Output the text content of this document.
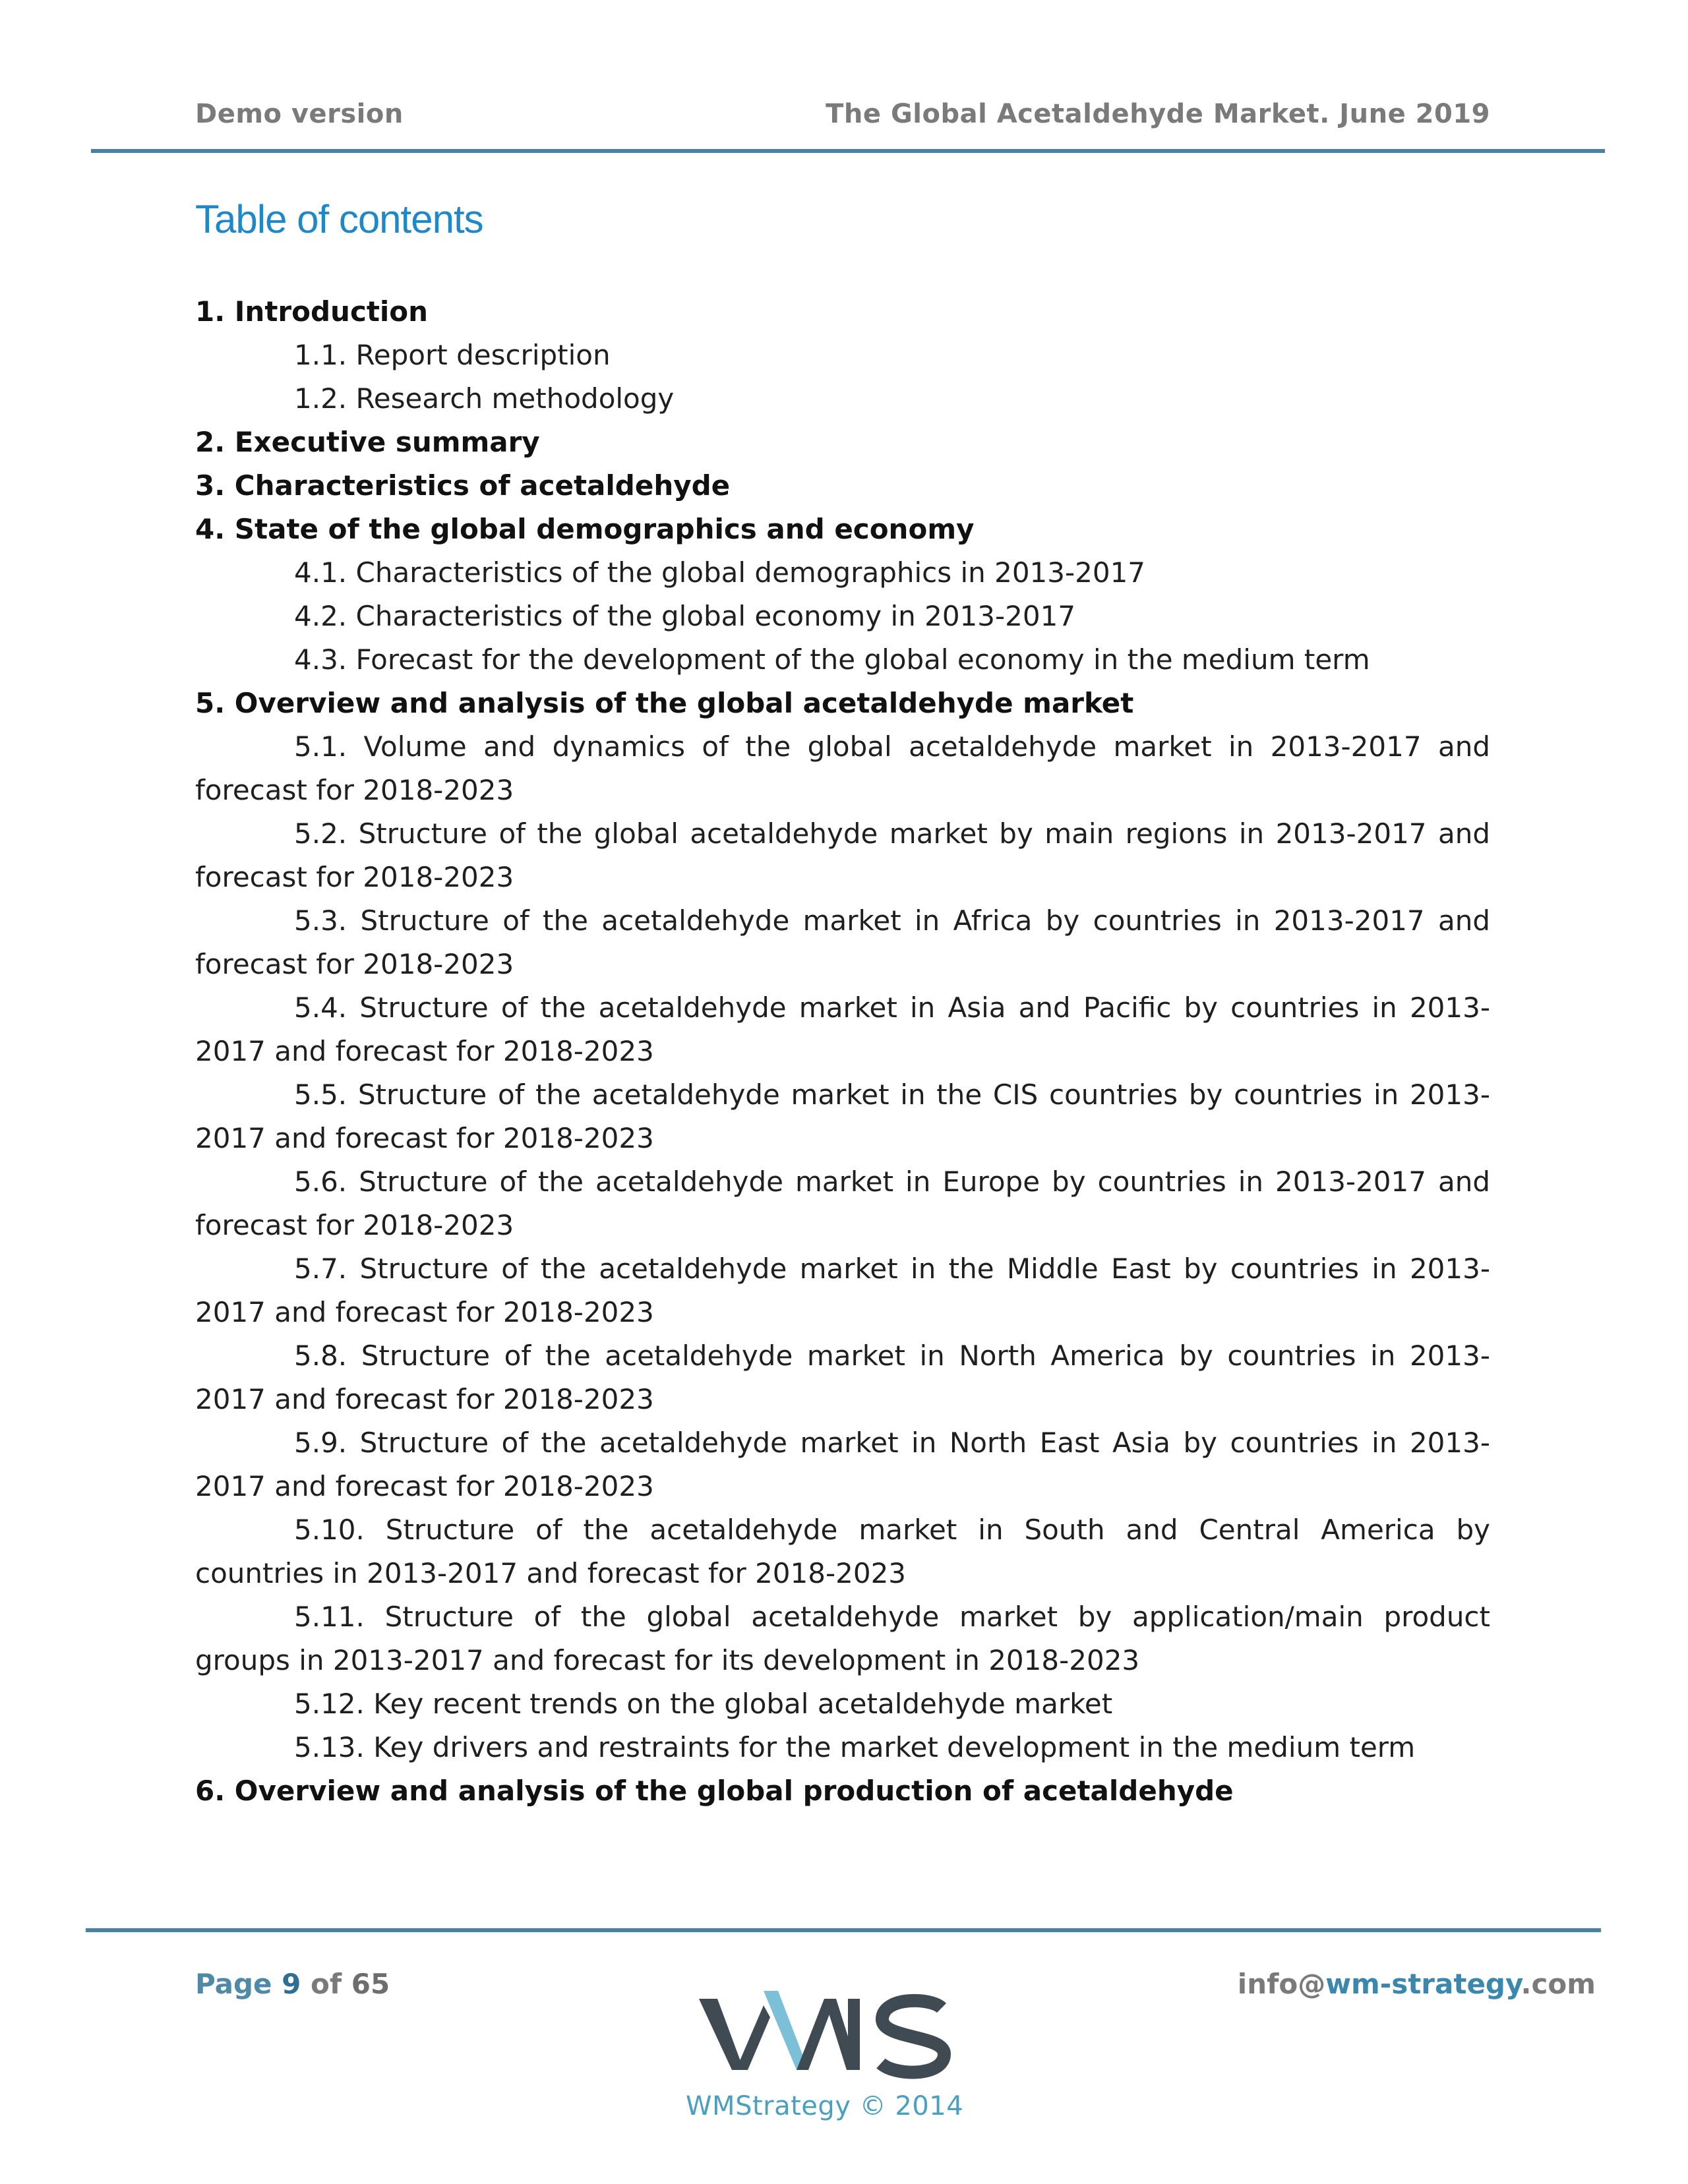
Demo version	The Global Acetaldehyde Market. June 2019
Table of contents

1. Introduction

1.1. Report description

1.2. Research methodology

2. Executive summary

3. Characteristics of acetaldehyde

4. State of the global demographics and economy

4.1. Characteristics of the global demographics in 2013-2017

4.2. Characteristics of the global economy in 2013-2017

4.3. Forecast for the development of the global economy in the medium term

5. Overview and analysis of the global acetaldehyde market

5.1. Volume and dynamics of the global acetaldehyde market in 2013-2017 and forecast for 2018-2023

5.2. Structure of the global acetaldehyde market by main regions in 2013-2017 and forecast for 2018-2023

5.3. Structure of the acetaldehyde market in Africa by countries in 2013-2017 and forecast for 2018-2023

5.4. Structure of the acetaldehyde market in Asia and Pacific by countries in 2013-2017 and forecast for 2018-2023

5.5. Structure of the acetaldehyde market in the CIS countries by countries in 2013-2017 and forecast for 2018-2023

5.6. Structure of the acetaldehyde market in Europe by countries in 2013-2017 and forecast for 2018-2023

5.7. Structure of the acetaldehyde market in the Middle East by countries in 2013-2017 and forecast for 2018-2023

5.8. Structure of the acetaldehyde market in North America by countries in 2013-2017 and forecast for 2018-2023

5.9. Structure of the acetaldehyde market in North East Asia by countries in 2013-2017 and forecast for 2018-2023

5.10. Structure of the acetaldehyde market in South and Central America by countries in 2013-2017 and forecast for 2018-2023

5.11. Structure of the global acetaldehyde market by application/main product groups in 2013-2017 and forecast for its development in 2018-2023

5.12. Key recent trends on the global acetaldehyde market

5.13. Key drivers and restraints for the market development in the medium term

6. Overview and analysis of the global production of acetaldehyde

Page 9 of 65
WMStrategy © 2014
info@wm-strategy.com
